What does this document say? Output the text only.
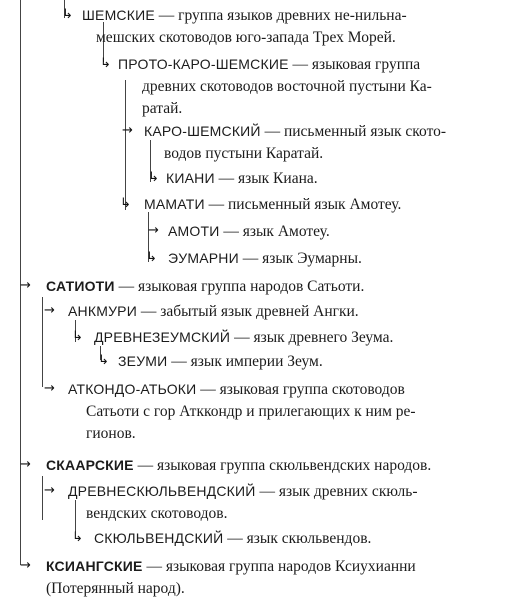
↳ ШЕМСКИЕ — группа языков древних не-нильна-
мешских скотоводов юго-запада Трех Морей.
↳ ПРОТО-КАРО-ШЕМСКИЕ — языковая группа
древних скотоводов восточной пустыни Ка-
ратай.
→ КАРО-ШЕМСКИЙ — письменный язык ското-
водов пустыни Каратай.
↳ КИАНИ — язык Киана.
↳ МАМАТИ — письменный язык Амотеу.
→ АМОТИ — язык Амотеу.
↳ ЭУМАРНИ — язык Эумарны.
→	САТИОТИ — языковая группа народов Сатьоти.
→ АНКМУРИ — забытый язык древней Ангки.
↳ ДРЕВНЕЗЕУМСКИЙ — язык древнего Зеума.
↳ ЗЕУМИ — язык империи Зеум.
→ АТКОНДО-АТЬОКИ — языковая группа скотоводов
Сатьоти с гор Атккондр и прилегающих к ним ре-
гионов.
→	СКААРСКИЕ — языковая группа скюльвендских народов.
→ ДРЕВНЕСКЮЛЬВЕНДСКИЙ — язык древних скюль-
вендских скотоводов.
↳ СКЮЛЬВЕНДСКИЙ — язык скюльвендов.
→	КСИАНГСКИЕ — языковая группа народов Ксиухианни
(Потерянный народ).
